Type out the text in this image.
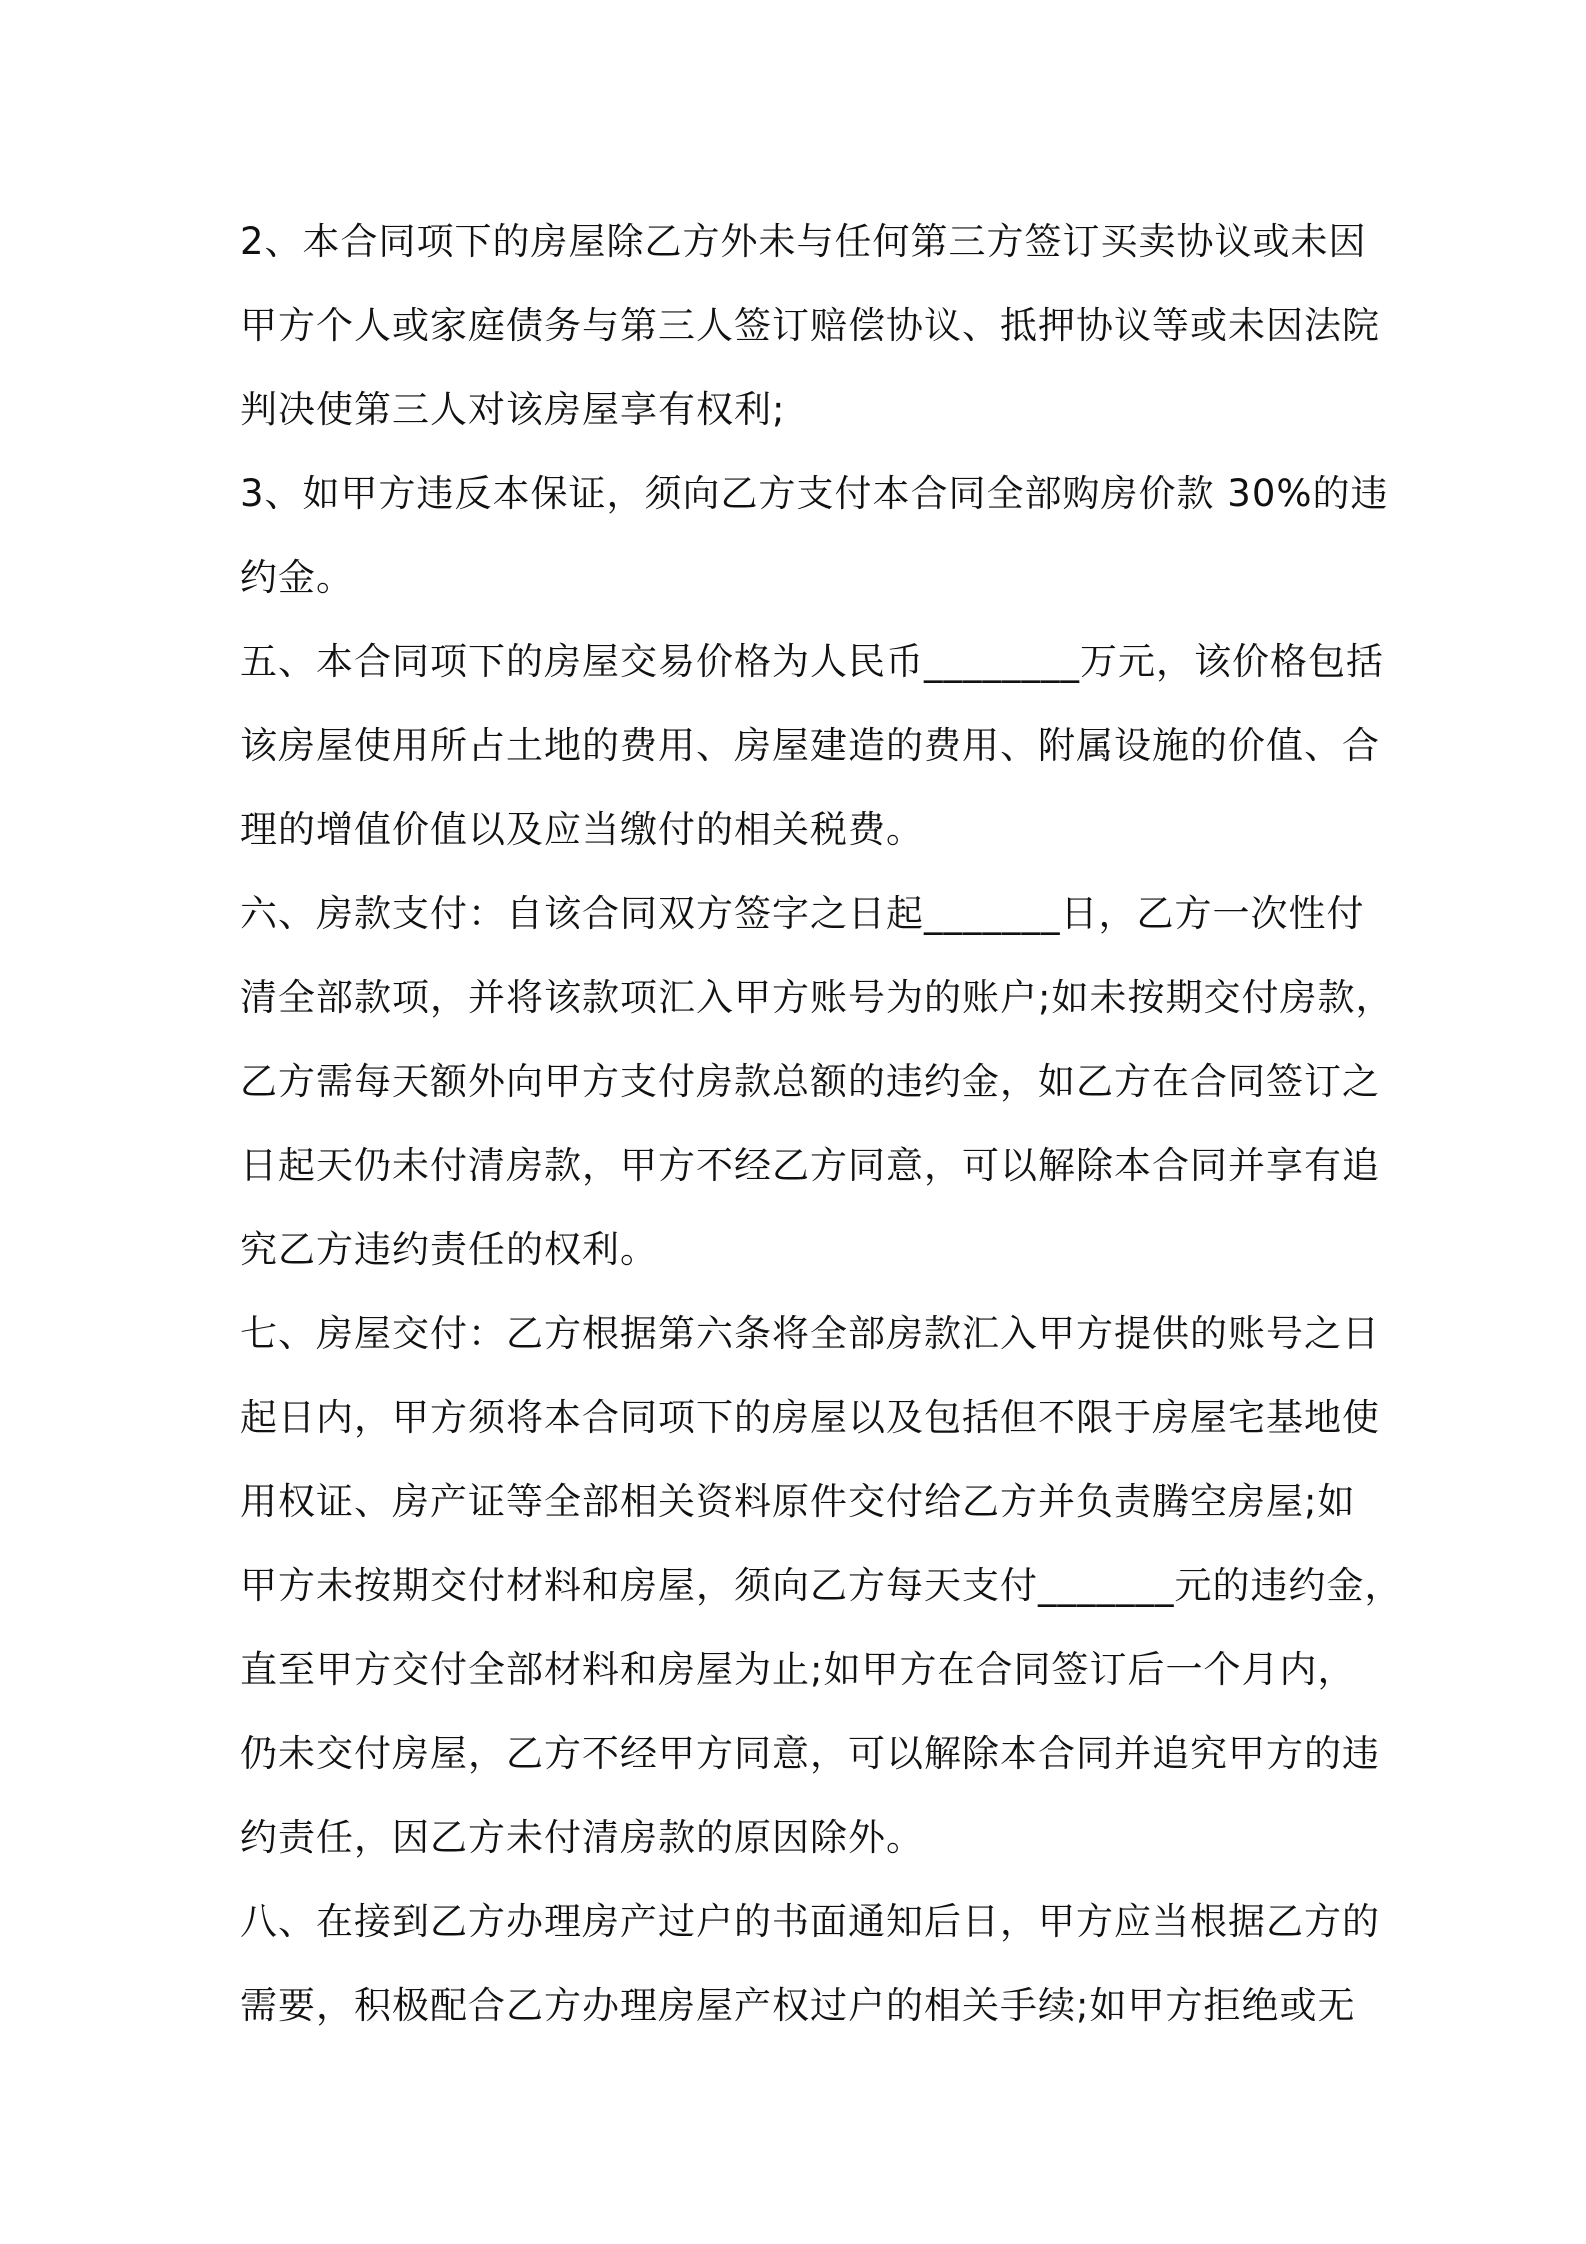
2、本合同项下的房屋除乙方外未与任何第三方签订买卖协议或未因
甲方个人或家庭债务与第三人签订赔偿协议、抵押协议等或未因法院
判决使第三人对该房屋享有权利;
3、如甲方违反本保证，须向乙方支付本合同全部购房价款 30%的违
约金。
五、本合同项下的房屋交易价格为人民币________万元，该价格包括
该房屋使用所占土地的费用、房屋建造的费用、附属设施的价值、合
理的增值价值以及应当缴付的相关税费。
六、房款支付：自该合同双方签字之日起_______日，乙方一次性付
清全部款项，并将该款项汇入甲方账号为的账户;如未按期交付房款，
乙方需每天额外向甲方支付房款总额的违约金，如乙方在合同签订之
日起天仍未付清房款，甲方不经乙方同意，可以解除本合同并享有追
究乙方违约责任的权利。
七、房屋交付：乙方根据第六条将全部房款汇入甲方提供的账号之日
起日内，甲方须将本合同项下的房屋以及包括但不限于房屋宅基地使
用权证、房产证等全部相关资料原件交付给乙方并负责腾空房屋;如
甲方未按期交付材料和房屋，须向乙方每天支付_______元的违约金，
直至甲方交付全部材料和房屋为止;如甲方在合同签订后一个月内，
仍未交付房屋，乙方不经甲方同意，可以解除本合同并追究甲方的违
约责任，因乙方未付清房款的原因除外。
八、在接到乙方办理房产过户的书面通知后日，甲方应当根据乙方的
需要，积极配合乙方办理房屋产权过户的相关手续;如甲方拒绝或无
